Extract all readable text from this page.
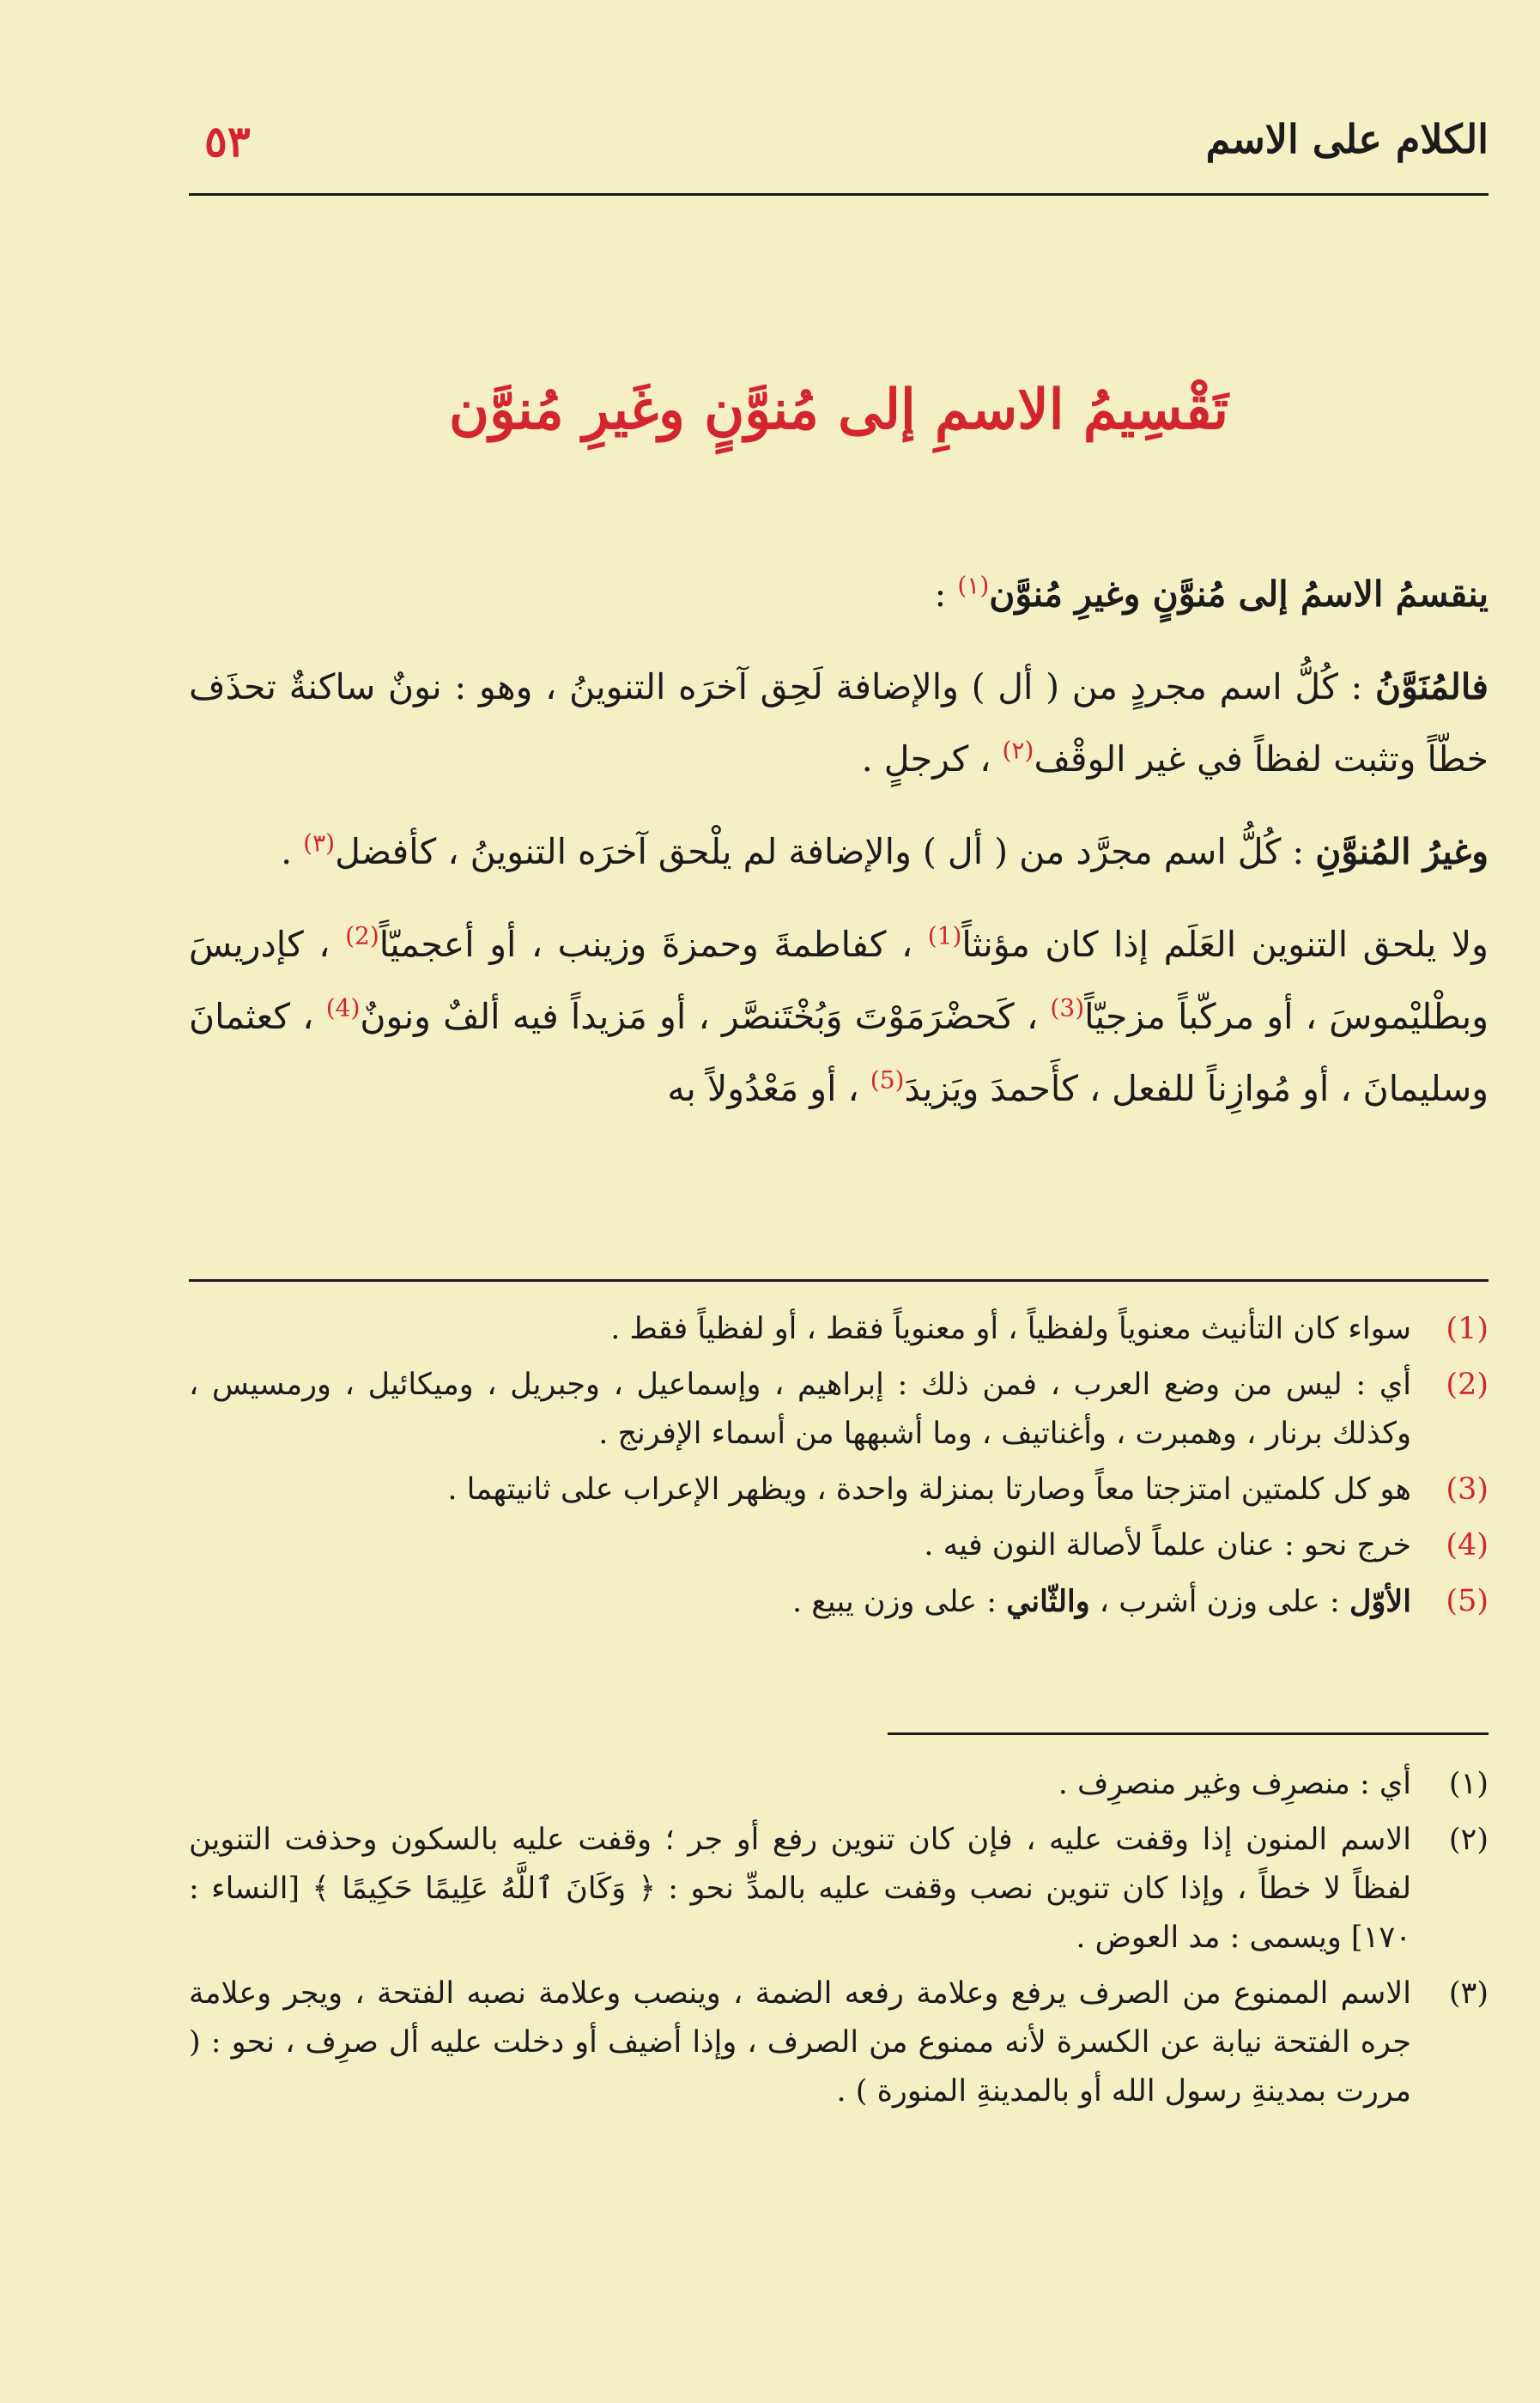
الكلام على الاسم
٥٣
تَقْسِيمُ الاسمِ إلى مُنوَّنٍ وغَيرِ مُنوَّن

ينقسمُ الاسمُ إلى مُنوَّنٍ وغيرِ مُنوَّن$^{(١)}$ :

فالمُنَوَّنُ : كُلُّ اسم مجردٍ من ( أل ) والإضافة لَحِق آخرَه التنوينُ ، وهو : نونٌ ساكنةٌ تحذَف خطّاً وتثبت لفظاً في غير الوقْف$^{(٢)}$ ، كرجلٍ .

وغيرُ المُنوَّنِ : كُلُّ اسم مجرَّد من ( أل ) والإضافة لم يلْحق آخرَه التنوينُ ، كأفضل$^{(٣)}$ .

ولا يلحق التنوين العَلَم إذا كان مؤنثاً$^{(1)}$ ، كفاطمةَ وحمزةَ وزينب ، أو أعجميّاً$^{(2)}$ ، كإدريسَ وبطْليْموسَ ، أو مركّباً مزجيّاً$^{(3)}$ ، كَحضْرَمَوْتَ وَبُخْتَنصَّر ، أو مَزيداً فيه ألفٌ ونونٌ$^{(4)}$ ، كعثمانَ وسليمانَ ، أو مُوازِناً للفعل ، كأَحمدَ ويَزيدَ$^{(5)}$ ، أو مَعْدُولاً به

(1)
سواء كان التأنيث معنوياً ولفظياً ، أو معنوياً فقط ، أو لفظياً فقط .
(2)
أي : ليس من وضع العرب ، فمن ذلك : إبراهيم ، وإسماعيل ، وجبريل ، وميكائيل ، ورمسيس ، وكذلك برنار ، وهمبرت ، وأغناتيف ، وما أشبهها من أسماء الإفرنج .
(3)
هو كل كلمتين امتزجتا معاً وصارتا بمنزلة واحدة ، ويظهر الإعراب على ثانيتهما .
(4)
خرج نحو : عنان علماً لأصالة النون فيه .
(5)
الأوّل : على وزن أشرب ، والثّاني : على وزن يبيع .
(١)
أي : منصرِف وغير منصرِف .
(٢)
الاسم المنون إذا وقفت عليه ، فإن كان تنوين رفع أو جر ؛ وقفت عليه بالسكون وحذفت التنوين لفظاً لا خطاً ، وإذا كان تنوين نصب وقفت عليه بالمدِّ نحو : ﴿ وَكَانَ ٱللَّهُ عَلِيمًا حَكِيمًا ﴾ [النساء : ١٧٠] ويسمى : مد العوض .
(٣)
الاسم الممنوع من الصرف يرفع وعلامة رفعه الضمة ، وينصب وعلامة نصبه الفتحة ، ويجر وعلامة جره الفتحة نيابة عن الكسرة لأنه ممنوع من الصرف ، وإذا أضيف أو دخلت عليه أل صرِف ، نحو : ( مررت بمدينةِ رسول الله أو بالمدينةِ المنورة ) .
